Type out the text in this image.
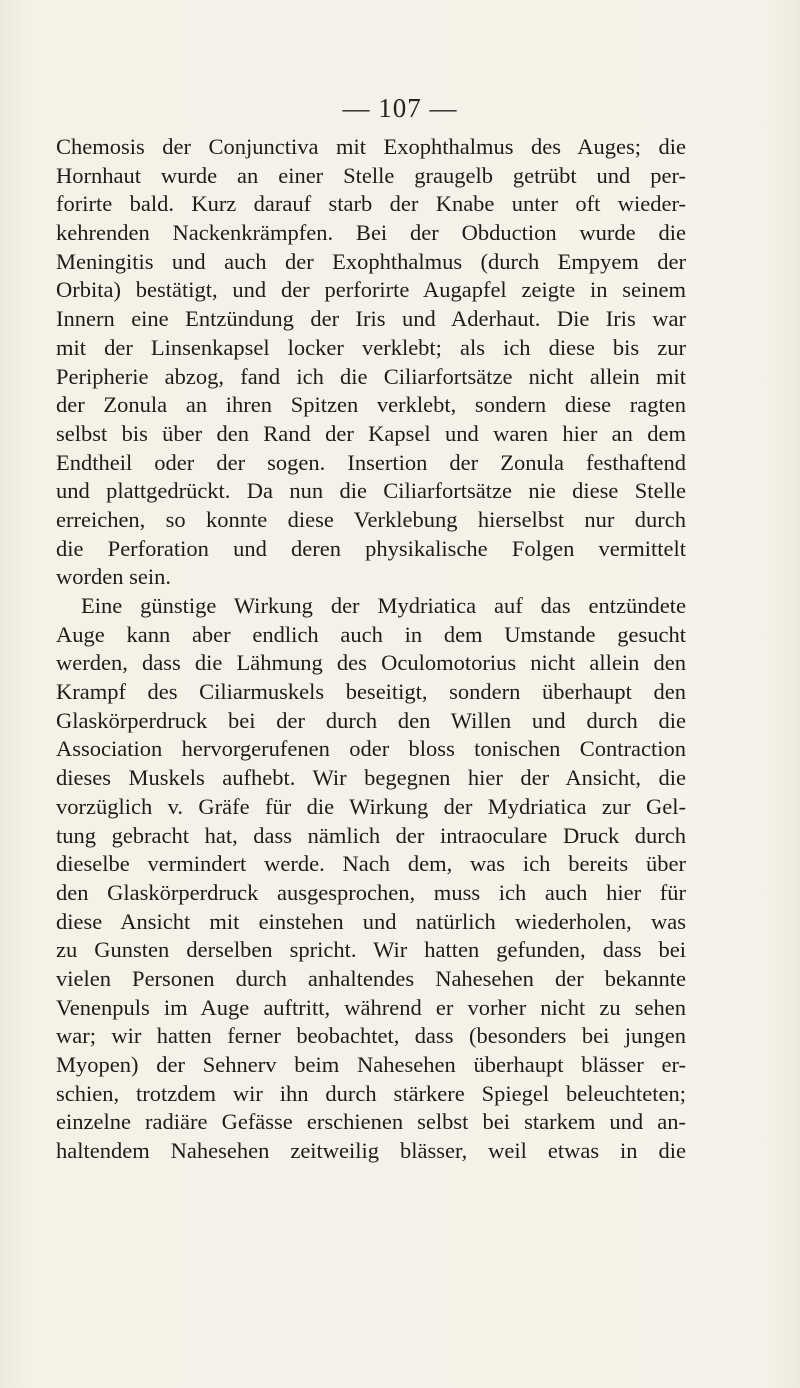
— 107 —
Chemosis der Conjunctiva mit Exophthalmus des Auges; die
Hornhaut wurde an einer Stelle graugelb getrübt und per-
forirte bald. Kurz darauf starb der Knabe unter oft wieder-
kehrenden Nackenkrämpfen. Bei der Obduction wurde die
Meningitis und auch der Exophthalmus (durch Empyem der
Orbita) bestätigt, und der perforirte Augapfel zeigte in seinem
Innern eine Entzündung der Iris und Aderhaut. Die Iris war
mit der Linsenkapsel locker verklebt; als ich diese bis zur
Peripherie abzog, fand ich die Ciliarfortsätze nicht allein mit
der Zonula an ihren Spitzen verklebt, sondern diese ragten
selbst bis über den Rand der Kapsel und waren hier an dem
Endtheil oder der sogen. Insertion der Zonula festhaftend
und plattgedrückt. Da nun die Ciliarfortsätze nie diese Stelle
erreichen, so konnte diese Verklebung hierselbst nur durch
die Perforation und deren physikalische Folgen vermittelt
worden sein.
Eine günstige Wirkung der Mydriatica auf das entzündete
Auge kann aber endlich auch in dem Umstande gesucht
werden, dass die Lähmung des Oculomotorius nicht allein den
Krampf des Ciliarmuskels beseitigt, sondern überhaupt den
Glaskörperdruck bei der durch den Willen und durch die
Association hervorgerufenen oder bloss tonischen Contraction
dieses Muskels aufhebt. Wir begegnen hier der Ansicht, die
vorzüglich v. Gräfe für die Wirkung der Mydriatica zur Gel-
tung gebracht hat, dass nämlich der intraoculare Druck durch
dieselbe vermindert werde. Nach dem, was ich bereits über
den Glaskörperdruck ausgesprochen, muss ich auch hier für
diese Ansicht mit einstehen und natürlich wiederholen, was
zu Gunsten derselben spricht. Wir hatten gefunden, dass bei
vielen Personen durch anhaltendes Nahesehen der bekannte
Venenpuls im Auge auftritt, während er vorher nicht zu sehen
war; wir hatten ferner beobachtet, dass (besonders bei jungen
Myopen) der Sehnerv beim Nahesehen überhaupt blässer er-
schien, trotzdem wir ihn durch stärkere Spiegel beleuchteten;
einzelne radiäre Gefässe erschienen selbst bei starkem und an-
haltendem Nahesehen zeitweilig blässer, weil etwas in die
